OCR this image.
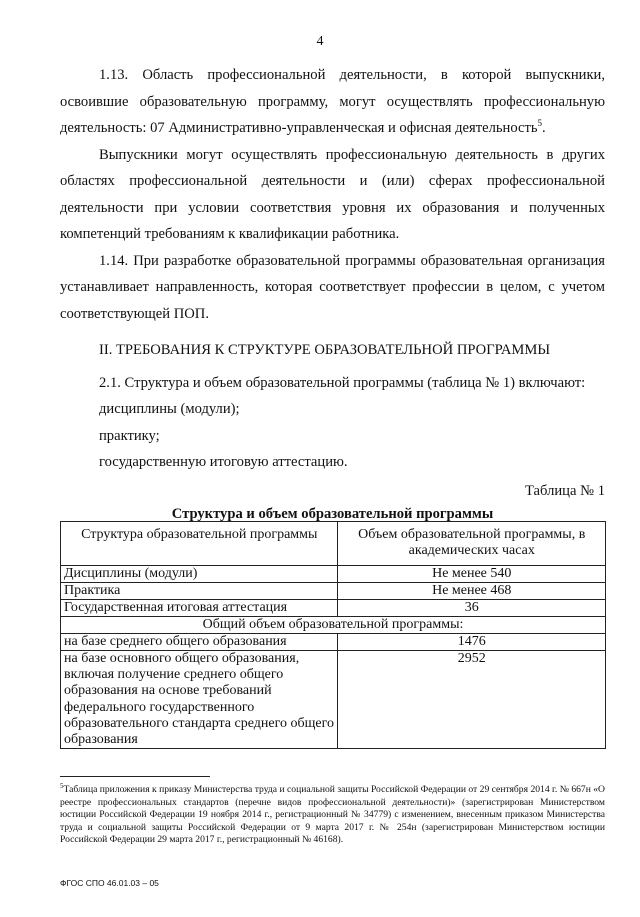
4

1.13. Область профессиональной деятельности, в которой выпускники, освоившие образовательную программу, могут осуществлять профессиональную деятельность: 07 Административно-управленческая и офисная деятельность$^5$.

Выпускники могут осуществлять профессиональную деятельность в других областях профессиональной деятельности и (или) сферах профессиональной деятельности при условии соответствия уровня их образования и полученных компетенций требованиям к квалификации работника.

1.14. При разработке образовательной программы образовательная организация устанавливает направленность, которая соответствует профессии в целом, с учетом соответствующей ПОП.

II. ТРЕБОВАНИЯ К СТРУКТУРЕ ОБРАЗОВАТЕЛЬНОЙ ПРОГРАММЫ

2.1. Структура и объем образовательной программы (таблица № 1) включают:

дисциплины (модули);

практику;

государственную итоговую аттестацию.

Таблица № 1

Структура и объем образовательной программы

Структура образовательной программы	Объем образовательной программы, в академических часах
Дисциплины (модули)	Не менее 540
Практика	Не менее 468
Государственная итоговая аттестация	36
Общий объем образовательной программы:	
на базе среднего общего образования	1476
на базе основного общего образования, включая получение среднего общего образования на основе требований федерального государственного образовательного стандарта среднего общего образования	2952

$^5$Таблица приложения к приказу Министерства труда и социальной защиты Российской Федерации от 29 сентября 2014 г. № 667н «О реестре профессиональных стандартов (перечне видов профессиональной деятельности)» (зарегистрирован Министерством юстиции Российской Федерации 19 ноября 2014 г., регистрационный № 34779) с изменением, внесенным приказом Министерства труда и социальной защиты Российской Федерации от 9 марта 2017 г. № 254н (зарегистрирован Министерством юстиции Российской Федерации 29 марта 2017 г., регистрационный № 46168).

ФГОС СПО 46.01.03 – 05
